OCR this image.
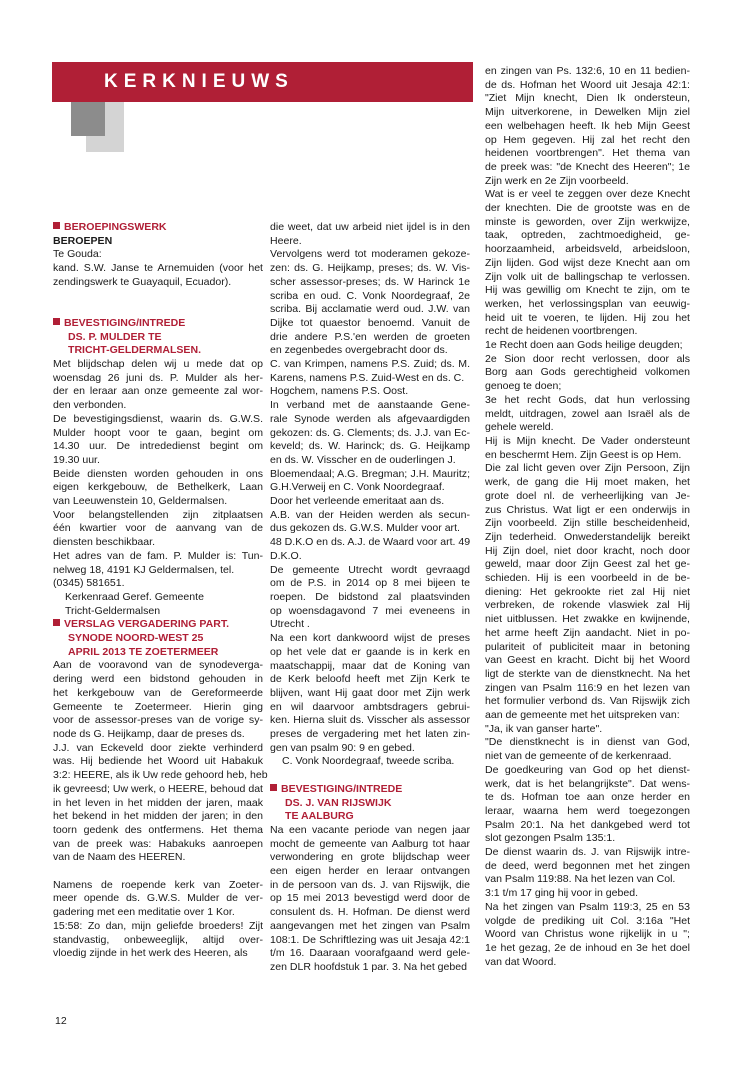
KERKNIEUWS

BEROEPINGSWERK

BEROEPEN

Te Gouda:

kand. S.W. Janse te Arnemuiden (voor het

zendingswerk te Guayaquil, Ecuador).

BEVESTIGING/INTREDE

DS. P. MULDER TE

TRICHT-GELDERMALSEN.

Met blijdschap delen wij u mede dat op

woensdag 26 juni ds. P. Mulder als her-

der en leraar aan onze gemeente zal wor-

den verbonden.

De bevestigingsdienst, waarin ds. G.W.S.

Mulder hoopt voor te gaan, begint om

14.30 uur. De intrededienst begint om

19.30 uur.

Beide diensten worden gehouden in ons

eigen kerkgebouw, de Bethelkerk, Laan

van Leeuwenstein 10, Geldermalsen.

Voor belangstellenden zijn zitplaatsen

één kwartier voor de aanvang van de

diensten beschikbaar.

Het adres van de fam. P. Mulder is: Tun-

nelweg 18, 4191 KJ Geldermalsen, tel.

(0345) 581651.

Kerkenraad Geref. Gemeente

Tricht-Geldermalsen

VERSLAG VERGADERING PART.

SYNODE NOORD-WEST 25

APRIL 2013 TE ZOETERMEER

Aan de vooravond van de synodeverga-

dering werd een bidstond gehouden in

het kerkgebouw van de Gereformeerde

Gemeente te Zoetermeer. Hierin ging

voor de assessor-preses van de vorige sy-

node ds G. Heijkamp, daar de preses ds.

J.J. van Eckeveld door ziekte verhinderd

was. Hij bediende het Woord uit Habakuk

3:2: HEERE, als ik Uw rede gehoord heb, heb

ik gevreesd; Uw werk, o HEERE, behoud dat

in het leven in het midden der jaren, maak

het bekend in het midden der jaren; in den

toorn gedenk des ontfermens. Het thema

van de preek was: Habakuks aanroepen

van de Naam des HEEREN.

Namens de roepende kerk van Zoeter-

meer opende ds. G.W.S. Mulder de ver-

gadering met een meditatie over 1 Kor.

15:58: Zo dan, mijn geliefde broeders! Zijt

standvastig, onbeweeglijk, altijd over-

vloedig zijnde in het werk des Heeren, als

die weet, dat uw arbeid niet ijdel is in den

Heere.

Vervolgens werd tot moderamen gekoze-

zen: ds. G. Heijkamp, preses; ds. W. Vis-

scher assessor-preses; ds. W Harinck 1e

scriba en oud. C. Vonk Noordegraaf, 2e

scriba. Bij acclamatie werd oud. J.W. van

Dijke tot quaestor benoemd. Vanuit de

drie andere P.S.'en werden de groeten

en zegenbedes overgebracht door ds.

C. van Krimpen, namens P.S. Zuid; ds. M.

Karens, namens P.S. Zuid-West en ds. C.

Hogchem, namens P.S. Oost.

In verband met de aanstaande Gene-

rale Synode werden als afgevaardigden

gekozen: ds. G. Clements; ds. J.J. van Ec-

keveld; ds. W. Harinck; ds. G. Heijkamp

en ds. W. Visscher en de ouderlingen J.

Bloemendaal; A.G. Bregman; J.H. Mauritz;

G.H.Verweij en C. Vonk Noordegraaf.

Door het verleende emeritaat aan ds.

A.B. van der Heiden werden als secun-

dus gekozen ds. G.W.S. Mulder voor art.

48 D.K.O en ds. A.J. de Waard voor art. 49

D.K.O.

De gemeente Utrecht wordt gevraagd

om de P.S. in 2014 op 8 mei bijeen te

roepen. De bidstond zal plaatsvinden

op woensdagavond 7 mei eveneens in

Utrecht .

Na een kort dankwoord wijst de preses

op het vele dat er gaande is in kerk en

maatschappij, maar dat de Koning van

de Kerk beloofd heeft met Zijn Kerk te

blijven, want Hij gaat door met Zijn werk

en wil daarvoor ambtsdragers gebrui-

ken. Hierna sluit ds. Visscher als assessor

preses de vergadering met het laten zin-

gen van psalm 90: 9 en gebed.

C. Vonk Noordegraaf, tweede scriba.

BEVESTIGING/INTREDE

DS. J. VAN RIJSWIJK

TE AALBURG

Na een vacante periode van negen jaar

mocht de gemeente van Aalburg tot haar

verwondering en grote blijdschap weer

een eigen herder en leraar ontvangen

in de persoon van ds. J. van Rijswijk, die

op 15 mei 2013 bevestigd werd door de

consulent ds. H. Hofman. De dienst werd

aangevangen met het zingen van Psalm

108:1. De Schriftlezing was uit Jesaja 42:1

t/m 16. Daaraan voorafgaand werd gele-

zen DLR hoofdstuk 1 par. 3. Na het gebed

en zingen van Ps. 132:6, 10 en 11 bedien-

de ds. Hofman het Woord uit Jesaja 42:1:

"Ziet Mijn knecht, Dien Ik ondersteun,

Mijn uitverkorene, in Dewelken Mijn ziel

een welbehagen heeft. Ik heb Mijn Geest

op Hem gegeven. Hij zal het recht den

heidenen voortbrengen". Het thema van

de preek was: "de Knecht des Heeren"; 1e

Zijn werk en 2e Zijn voorbeeld.

Wat is er veel te zeggen over deze Knecht

der knechten. Die de grootste was en de

minste is geworden, over Zijn werkwijze,

taak, optreden, zachtmoedigheid, ge-

hoorzaamheid, arbeidsveld, arbeidsloon,

Zijn lijden. God wijst deze Knecht aan om

Zijn volk uit de ballingschap te verlossen.

Hij was gewillig om Knecht te zijn, om te

werken, het verlossingsplan van eeuwig-

heid uit te voeren, te lijden. Hij zou het

recht de heidenen voortbrengen.

1e Recht doen aan Gods heilige deugden;

2e Sion door recht verlossen, door als

Borg aan Gods gerechtigheid volkomen

genoeg te doen;

3e het recht Gods, dat hun verlossing

meldt, uitdragen, zowel aan Israël als de

gehele wereld.

Hij is Mijn knecht. De Vader ondersteunt

en beschermt Hem. Zijn Geest is op Hem.

Die zal licht geven over Zijn Persoon, Zijn

werk, de gang die Hij moet maken, het

grote doel nl. de verheerlijking van Je-

zus Christus. Wat ligt er een onderwijs in

Zijn voorbeeld. Zijn stille bescheidenheid,

Zijn tederheid. Onwederstandelijk bereikt

Hij Zijn doel, niet door kracht, noch door

geweld, maar door Zijn Geest zal het ge-

schieden. Hij is een voorbeeld in de be-

diening: Het gekrookte riet zal Hij niet

verbreken, de rokende vlaswiek zal Hij

niet uitblussen. Het zwakke en kwijnende,

het arme heeft Zijn aandacht. Niet in po-

pulariteit of publiciteit maar in betoning

van Geest en kracht. Dicht bij het Woord

ligt de sterkte van de dienstknecht. Na het

zingen van Psalm 116:9 en het lezen van

het formulier verbond ds. Van Rijswijk zich

aan de gemeente met het uitspreken van:

"Ja, ik van ganser harte".

"De dienstknecht is in dienst van God,

niet van de gemeente of de kerkenraad.

De goedkeuring van God op het dienst-

werk, dat is het belangrijkste". Dat wens-

te ds. Hofman toe aan onze herder en

leraar, waarna hem werd toegezongen

Psalm 20:1. Na het dankgebed werd tot

slot gezongen Psalm 135:1.

De dienst waarin ds. J. van Rijswijk intre-

de deed, werd begonnen met het zingen

van Psalm 119:88. Na het lezen van Col.

3:1 t/m 17 ging hij voor in gebed.

Na het zingen van Psalm 119:3, 25 en 53

volgde de prediking uit Col. 3:16a "Het

Woord van Christus wone rijkelijk in u ";

1e het gezag, 2e de inhoud en 3e het doel

van dat Woord.

12
